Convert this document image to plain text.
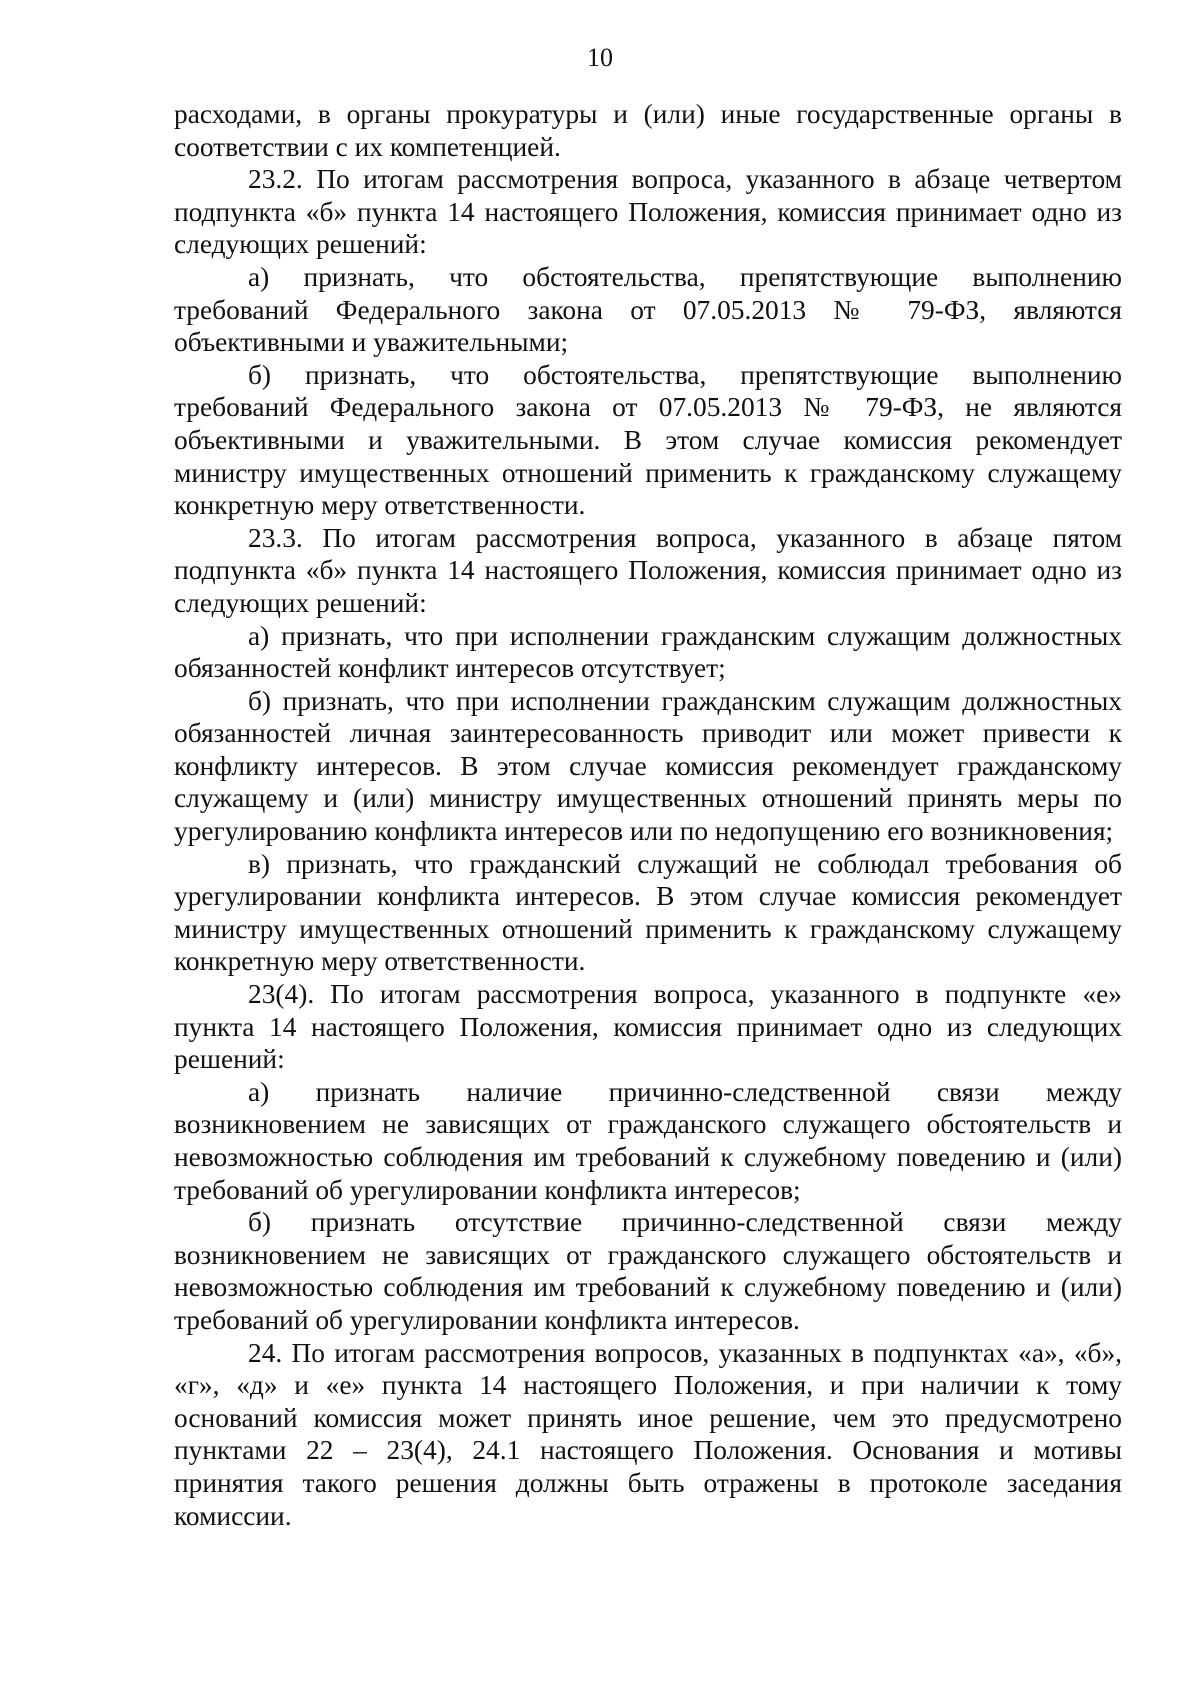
10

расходами, в органы прокуратуры и (или) иные государственные органы в соответствии с их компетенцией.

23.2. По итогам рассмотрения вопроса, указанного в абзаце четвертом подпункта «б» пункта 14 настоящего Положения, комиссия принимает одно из следующих решений:

а) признать, что обстоятельства, препятствующие выполнению требований Федерального закона от 07.05.2013 № 79-ФЗ, являются объективными и уважительными;

б) признать, что обстоятельства, препятствующие выполнению требований Федерального закона от 07.05.2013 № 79-ФЗ, не являются объективными и уважительными. В этом случае комиссия рекомендует министру имущественных отношений применить к гражданскому служащему конкретную меру ответственности.

23.3. По итогам рассмотрения вопроса, указанного в абзаце пятом подпункта «б» пункта 14 настоящего Положения, комиссия принимает одно из следующих решений:

а) признать, что при исполнении гражданским служащим должностных обязанностей конфликт интересов отсутствует;

б) признать, что при исполнении гражданским служащим должностных обязанностей личная заинтересованность приводит или может привести к конфликту интересов. В этом случае комиссия рекомендует гражданскому служащему и (или) министру имущественных отношений принять меры по урегулированию конфликта интересов или по недопущению его возникновения;

в) признать, что гражданский служащий не соблюдал требования об урегулировании конфликта интересов. В этом случае комиссия рекомендует министру имущественных отношений применить к гражданскому служащему конкретную меру ответственности.

23(4). По итогам рассмотрения вопроса, указанного в подпункте «е» пункта 14 настоящего Положения, комиссия принимает одно из следующих решений:

а) признать наличие причинно-следственной связи между возникновением не зависящих от гражданского служащего обстоятельств и невозможностью соблюдения им требований к служебному поведению и (или) требований об урегулировании конфликта интересов;

б) признать отсутствие причинно-следственной связи между возникновением не зависящих от гражданского служащего обстоятельств и невозможностью соблюдения им требований к служебному поведению и (или) требований об урегулировании конфликта интересов.

24. По итогам рассмотрения вопросов, указанных в подпунктах «а», «б», «г», «д» и «е» пункта 14 настоящего Положения, и при наличии к тому оснований комиссия может принять иное решение, чем это предусмотрено пунктами 22 – 23(4), 24.1 настоящего Положения. Основания и мотивы принятия такого решения должны быть отражены в протоколе заседания комиссии.
